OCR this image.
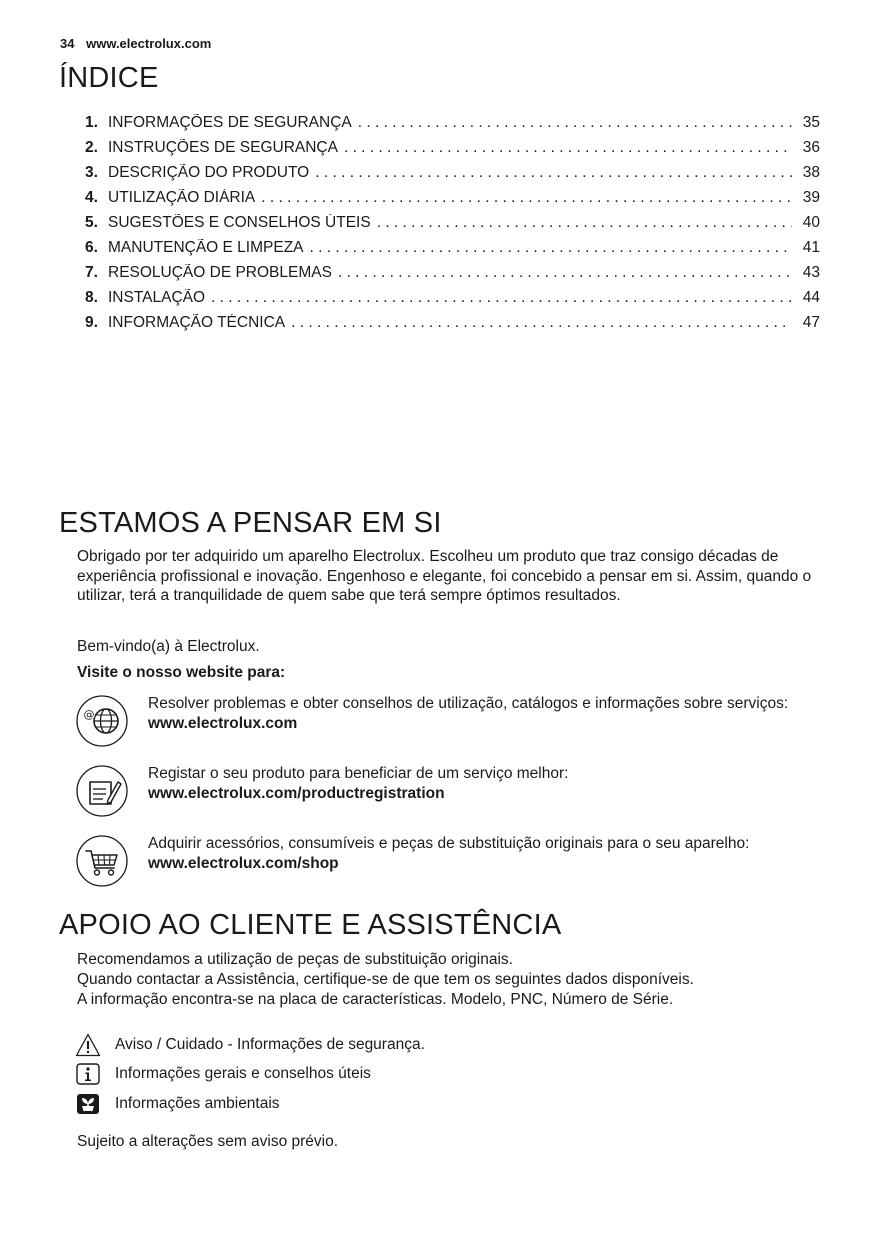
34 www.electrolux.com
ÍNDICE
1. INFORMAÇÕES DE SEGURANÇA . . .	35
2. INSTRUÇÕES DE SEGURANÇA . . .	36
3. DESCRIÇÃO DO PRODUTO . . .	38
4. UTILIZAÇÃO DIÁRIA . . .	39
5. SUGESTÕES E CONSELHOS ÚTEIS . . .	40
6. MANUTENÇÃO E LIMPEZA . . .	41
7. RESOLUÇÃO DE PROBLEMAS . . .	43
8. INSTALAÇÃO . . .	44
9. INFORMAÇÃO TÉCNICA . . .	47
ESTAMOS A PENSAR EM SI
Obrigado por ter adquirido um aparelho Electrolux. Escolheu um produto que traz consigo décadas de experiência profissional e inovação. Engenhoso e elegante, foi concebido a pensar em si. Assim, quando o utilizar, terá a tranquilidade de quem sabe que terá sempre óptimos resultados.
Bem-vindo(a) à Electrolux.
Visite o nosso website para:
@
Resolver problemas e obter conselhos de utilização, catálogos e informações sobre serviços:
www.electrolux.com
Registar o seu produto para beneficiar de um serviço melhor:
www.electrolux.com/productregistration
Adquirir acessórios, consumíveis e peças de substituição originais para o seu aparelho:
www.electrolux.com/shop
APOIO AO CLIENTE E ASSISTÊNCIA
Recomendamos a utilização de peças de substituição originais.
Quando contactar a Assistência, certifique-se de que tem os seguintes dados disponíveis.
A informação encontra-se na placa de características. Modelo, PNC, Número de Série.
Aviso / Cuidado - Informações de segurança.
Informações gerais e conselhos úteis
Informações ambientais
Sujeito a alterações sem aviso prévio.
